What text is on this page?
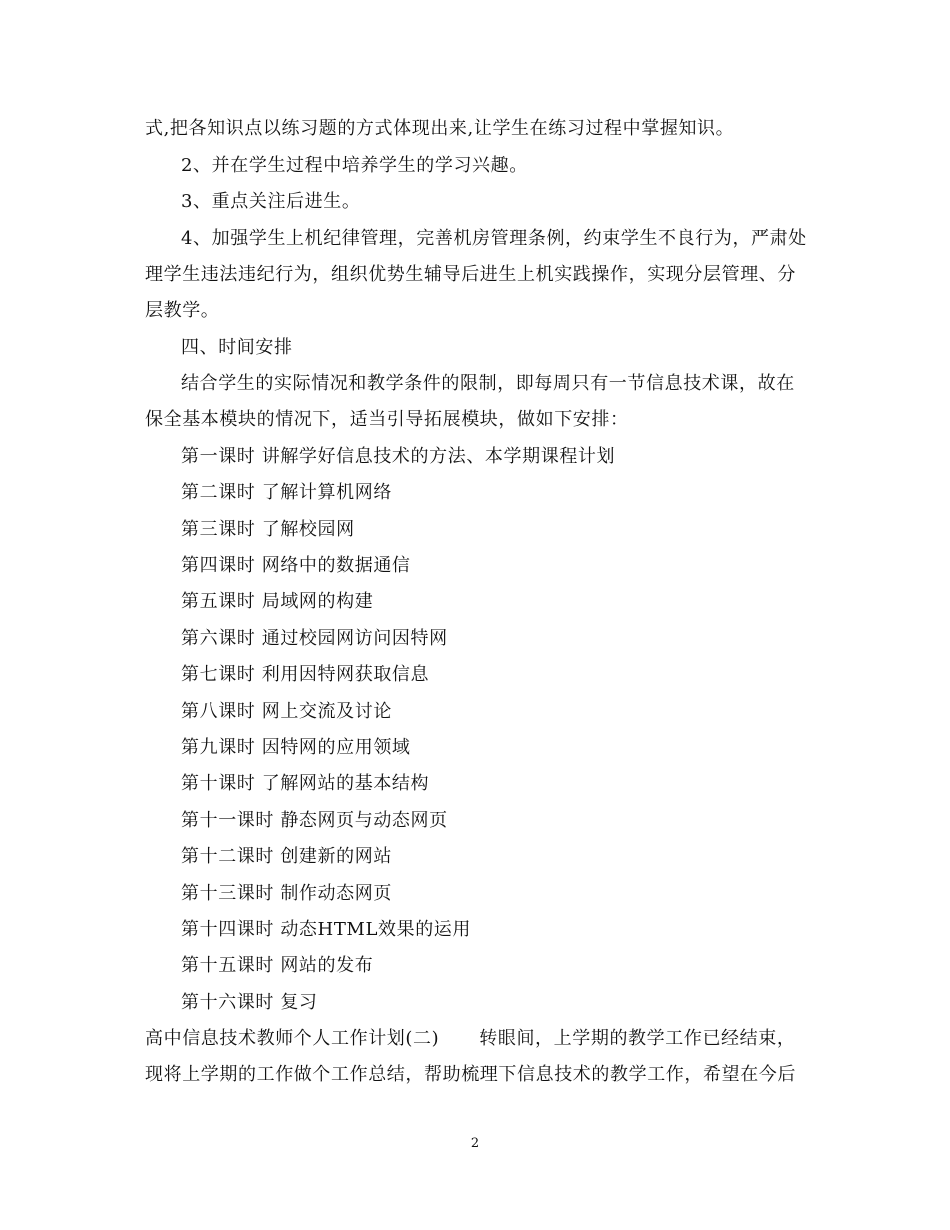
式,把各知识点以练习题的方式体现出来,让学生在练习过程中掌握知识。
2、并在学生过程中培养学生的学习兴趣。
3、重点关注后进生。
4、加强学生上机纪律管理，完善机房管理条例，约束学生不良行为，严肃处
理学生违法违纪行为，组织优势生辅导后进生上机实践操作，实现分层管理、分
层教学。
四、时间安排
结合学生的实际情况和教学条件的限制，即每周只有一节信息技术课，故在
保全基本模块的情况下，适当引导拓展模块，做如下安排：
第一课时 讲解学好信息技术的方法、本学期课程计划
第二课时 了解计算机网络
第三课时 了解校园网
第四课时 网络中的数据通信
第五课时 局域网的构建
第六课时 通过校园网访问因特网
第七课时 利用因特网获取信息
第八课时 网上交流及讨论
第九课时 因特网的应用领域
第十课时 了解网站的基本结构
第十一课时 静态网页与动态网页
第十二课时 创建新的网站
第十三课时 制作动态网页
第十四课时 动态HTML效果的运用
第十五课时 网站的发布
第十六课时 复习
高中信息技术教师个人工作计划(二) 转眼间，上学期的教学工作已经结束，
现将上学期的工作做个工作总结，帮助梳理下信息技术的教学工作，希望在今后
2
